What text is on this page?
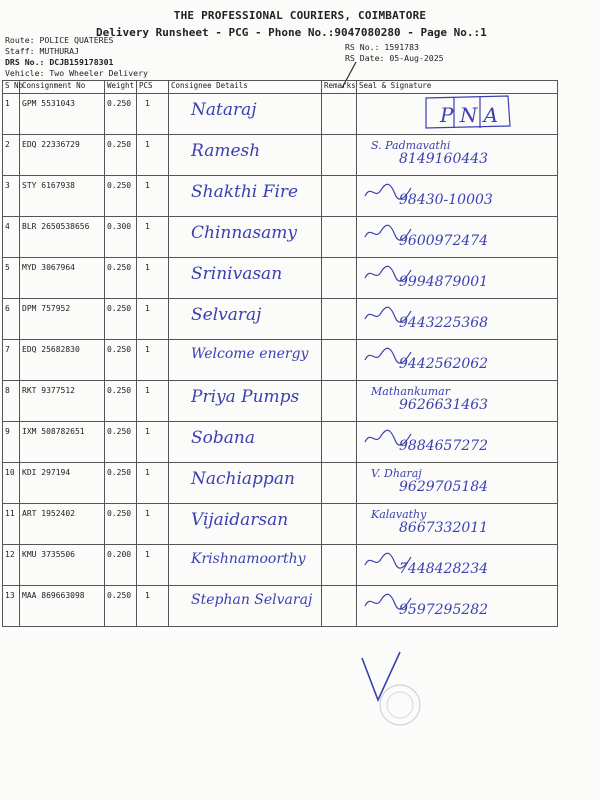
THE PROFESSIONAL COURIERS, COIMBATORE
Delivery Runsheet - PCG - Phone No.:9047080280 - Page No.:1
Route: POLICE QUATERES
Staff: MUTHURAJ
DRS No.: DCJB159178301
Vehicle: Two Wheeler Delivery
RS No.: 1591783
RS Date: 05-Aug-2025
S No	Consignment No	Weight	PCS	Consignee Details	Remarks	Seal & Signature

1	GPM 5531043	0.250	1	Nataraj		

2	EDQ 22336729	0.250	1	Ramesh		S. Padmavathi
8149160443

3	STY 6167938	0.250	1	Shakthi Fire		98430-10003

4	BLR 2650538656	0.300	1	Chinnasamy		9600972474

5	MYD 3067964	0.250	1	Srinivasan		9994879001

6	DPM 757952	0.250	1	Selvaraj		9443225368

7	EDQ 25682830	0.250	1	Welcome energy		9442562062

8	RKT 9377512	0.250	1	Priya Pumps		Mathankumar
9626631463

9	IXM 508782651	0.250	1	Sobana		9884657272

10	KDI 297194	0.250	1	Nachiappan		V. Dharaj
9629705184

11	ART 1952402	0.250	1	Vijaidarsan		Kalavathy
8667332011

12	KMU 3735506	0.200	1	Krishnamoorthy		7448428234

13	MAA 869663098	0.250	1	Stephan Selvaraj		9597295282
P N A
